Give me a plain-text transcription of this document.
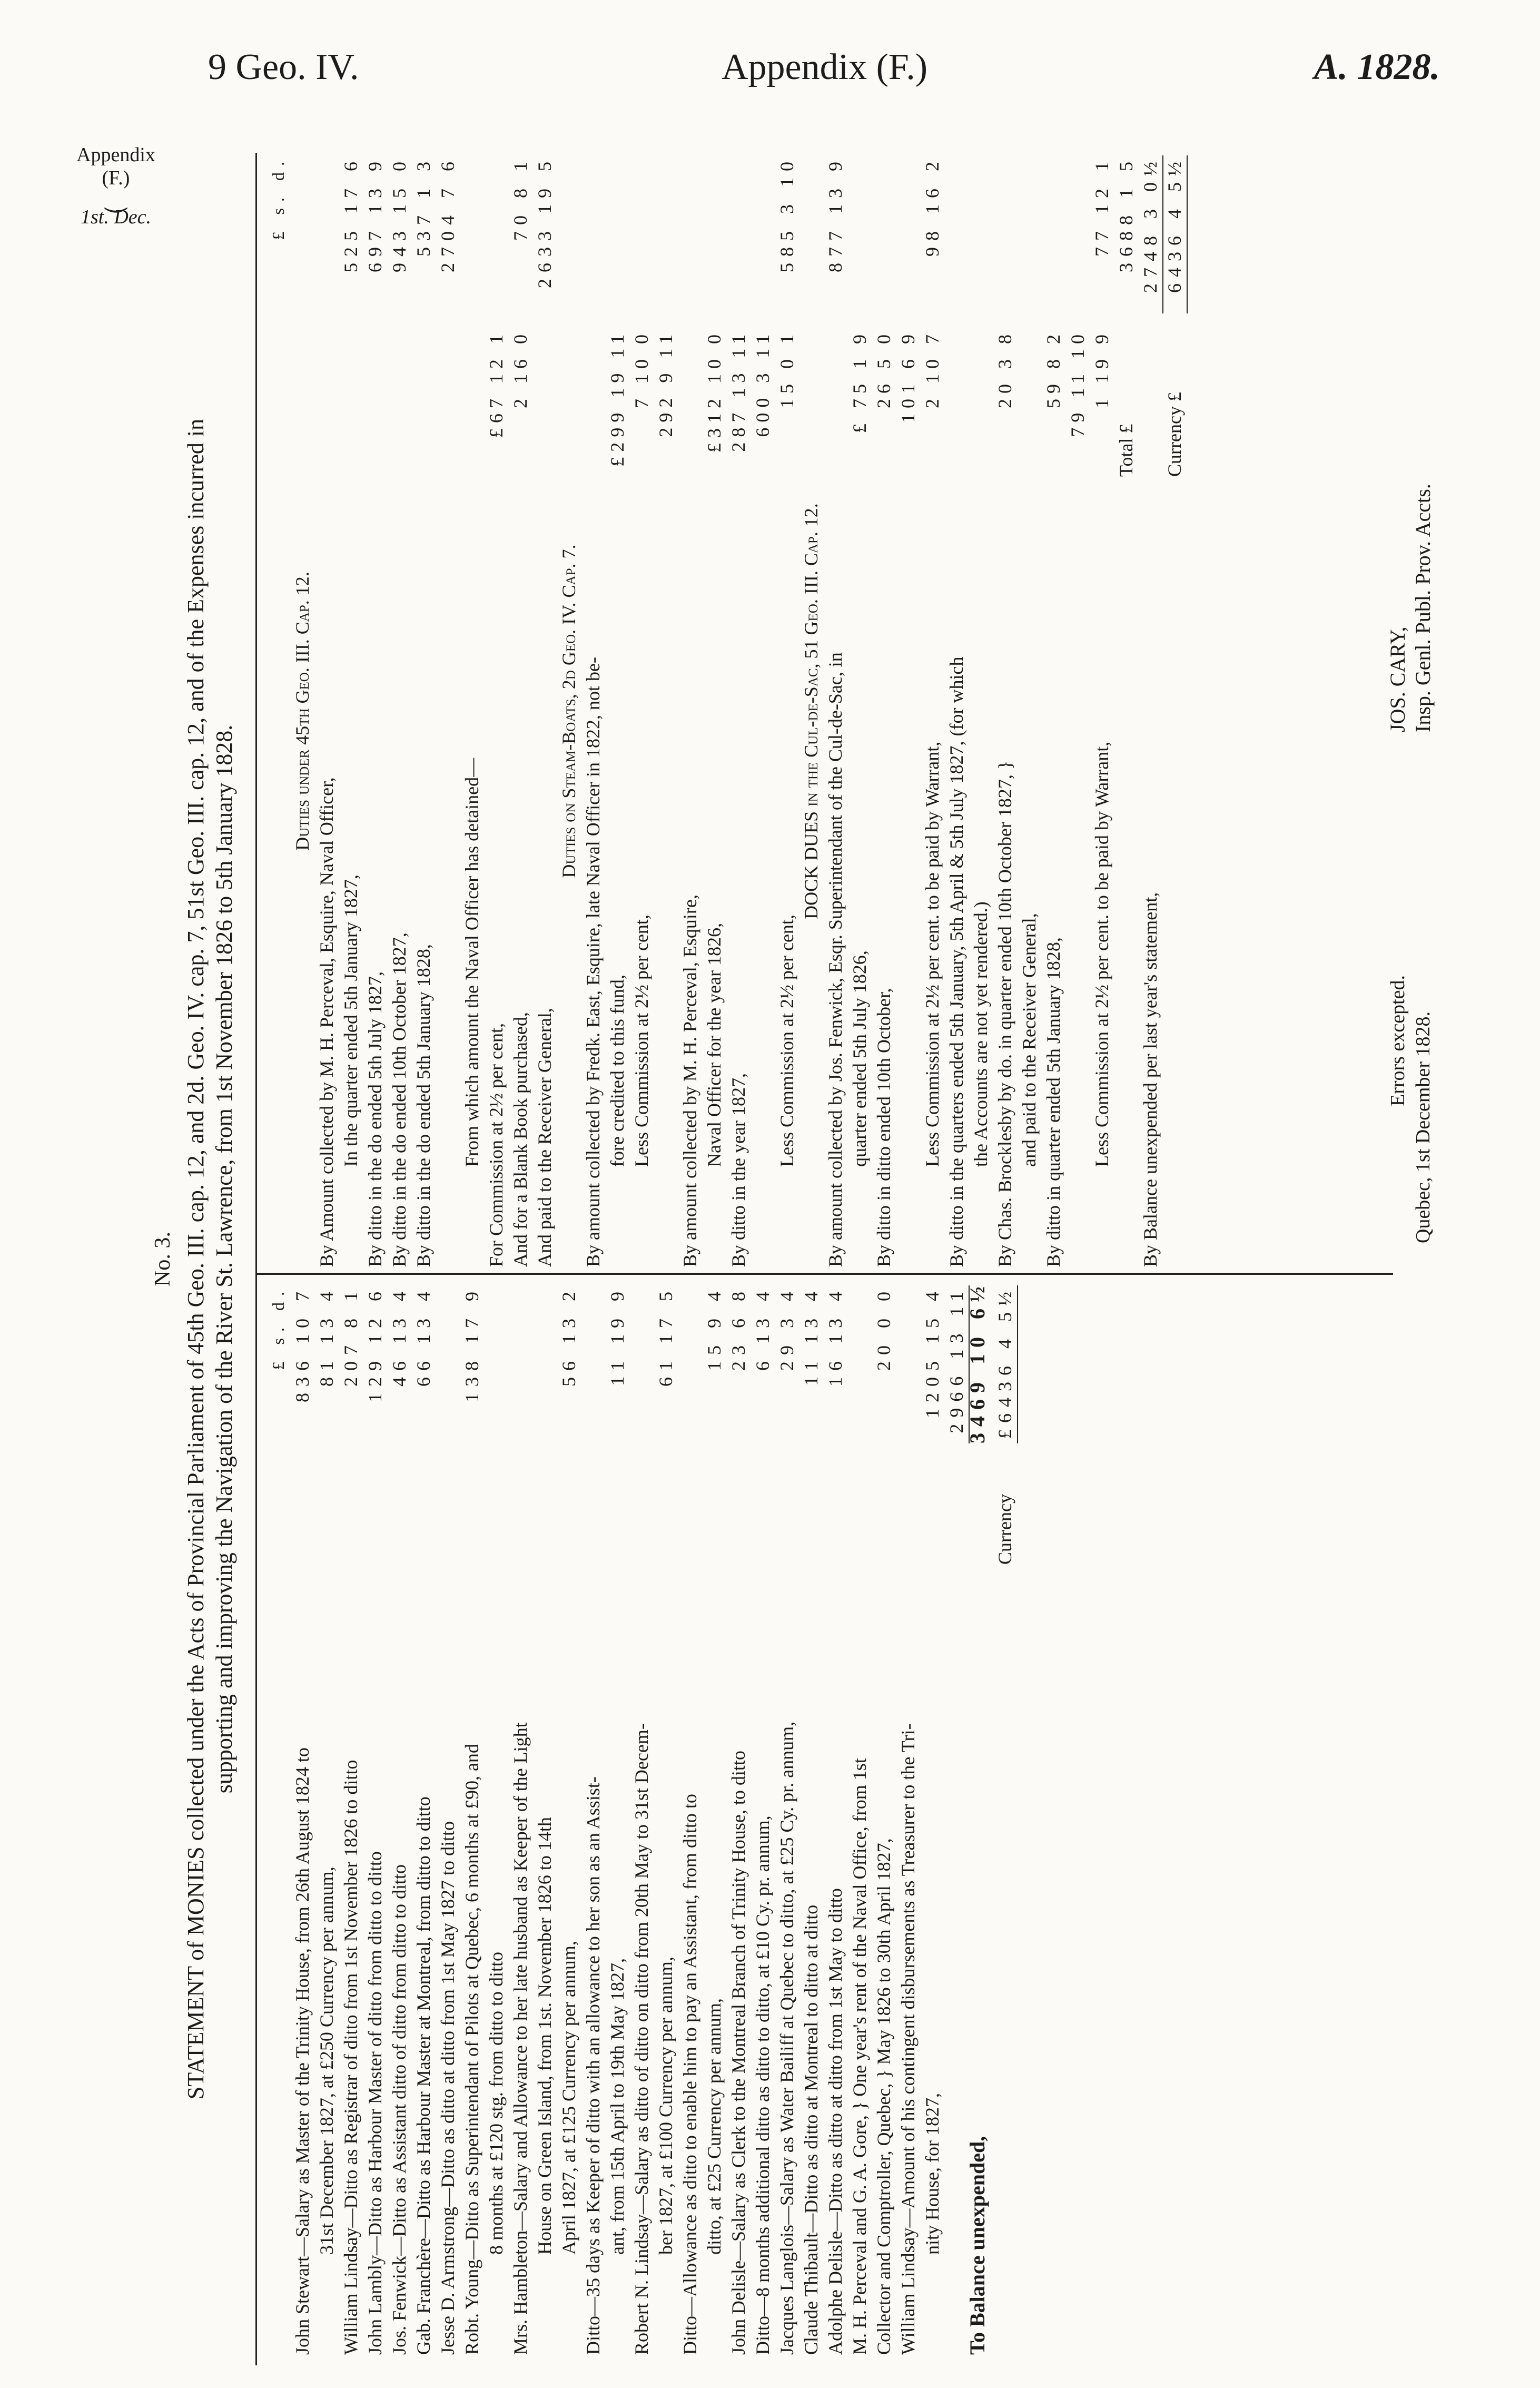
9 Geo. IV.	Appendix (F.)	A. 1828.
Appendix
(F.)
⏝
1st. Dec.
No. 3. STATEMENT of MONIES collected under the Acts of Provincial Parliament of 45th Geo. III. cap. 12, and 2d. Geo. IV. cap. 7, 51st Geo. III. cap. 12, and of the Expenses incurred in supporting and improving the Navigation of the River St. Lawrence, from 1st November 1826 to 5th January 1828. £ s. d.
John Stewart—Salary as Master of the Trinity House, from 26th August 1824 to
836 10 7
31st December 1827, at £250 Currency per annum,
81 13 4
William Lindsay—Ditto as Registrar of ditto from 1st November 1826 to ditto
207 8 1
John Lambly—Ditto as Harbour Master of ditto from ditto to ditto
129 12 6
Jos. Fenwick—Ditto as Assistant ditto of ditto from ditto to ditto
46 13 4
Gab. Franchère—Ditto as Harbour Master at Montreal, from ditto to ditto
66 13 4
Jesse D. Armstrong—Ditto as ditto at ditto from 1st May 1827 to ditto Robt. Young—Ditto as Superintendant of Pilots at Quebec, 6 months at £90, and
138 17 9
8 months at £120 stg. from ditto to ditto Mrs. Hambleton—Salary and Allowance to her late husband as Keeper of the Light House on Green Island, from 1st. November 1826 to 14th April 1827, at £125 Currency per annum,
56 13 2
Ditto—35 days as Keeper of ditto with an allowance to her son as an Assist- ant, from 15th April to 19th May 1827,
11 19 9
Robert N. Lindsay—Salary as ditto of ditto on ditto from 20th May to 31st Decem- ber 1827, at £100 Currency per annum,
61 17 5
Ditto—Allowance as ditto to enable him to pay an Assistant, from ditto to ditto, at £25 Currency per annum,
15 9 4
John Delisle—Salary as Clerk to the Montreal Branch of Trinity House, to ditto
23 6 8
Ditto—8 months additional ditto as ditto to ditto, at £10 Cy. pr. annum,
6 13 4
Jacques Langlois—Salary as Water Bailiff at Quebec to ditto, at £25 Cy. pr. annum,
29 3 4
Claude Thibault—Ditto as ditto at Montreal to ditto at ditto
11 13 4
Adolphe Delisle—Ditto as ditto at ditto from 1st May to ditto
16 13 4
M. H. Perceval and G. A. Gore, } One year's rent of the Naval Office, from 1st Collector and Comptroller, Quebec, } May 1826 to 30th April 1827,
20 0 0
William Lindsay—Amount of his contingent disbursements as Treasurer to the Tri- nity House, for 1827,
1205 15 4 2966 13 11
To Balance unexpended,
3469 10 6½
Currency
£6436 4 5½
£ s. d.
Duties under 45th Geo. III. Cap. 12.
By Amount collected by M. H. Perceval, Esquire, Naval Officer, In the quarter ended 5th January 1827,
525 17 6
By ditto in the do ended 5th July 1827,
697 13 9
By ditto in the do ended 10th October 1827,
943 15 0
By ditto in the do ended 5th January 1828,
537 1 3 2704 7 6
From which amount the Naval Officer has detained— For Commission at 2½ per cent,
£67 12 1
And for a Blank Book purchased,
2 16 0
70 8 1
And paid to the Receiver General,
2633 19 5
Duties on Steam-Boats, 2d Geo. IV. Cap. 7. By amount collected by Fredk. East, Esquire, late Naval Officer in 1822, not be- fore credited to this fund,
£299 19 11
Less Commission at 2½ per cent,
7 10 0 292 9 11
By amount collected by M. H. Perceval, Esquire, Naval Officer for the year 1826,
£312 10 0
By ditto in the year 1827,
287 13 11 600 3 11
Less Commission at 2½ per cent,
15 0 1
585 3 10
DOCK DUES in the Cul-de-Sac, 51 Geo. III. Cap. 12. By amount collected by Jos. Fenwick, Esqr. Superintendant of the Cul-de-Sac, in
877 13 9
quarter ended 5th July 1826,
£ 75 1 9
By ditto in ditto ended 10th October,
26 5 0 101 6 9
Less Commission at 2½ per cent. to be paid by Warrant,
2 10 7
98 16 2
By ditto in the quarters ended 5th January, 5th April & 5th July 1827, (for which the Accounts are not yet rendered.) By Chas. Brocklesby by do. in quarter ended 10th October 1827, }
20 3 8
and paid to the Receiver General, By ditto in quarter ended 5th January 1828,
59 8 2 79 11 10
Less Commission at 2½ per cent. to be paid by Warrant,
1 19 9
77 12 1
Total £
3688 1 5
By Balance unexpended per last year's statement,
2748 3 0½
Currency £
6436 4 5½
Errors excepted. Quebec, 1st December 1828.
JOS. CARY, Insp. Genl. Publ. Prov. Accts.
